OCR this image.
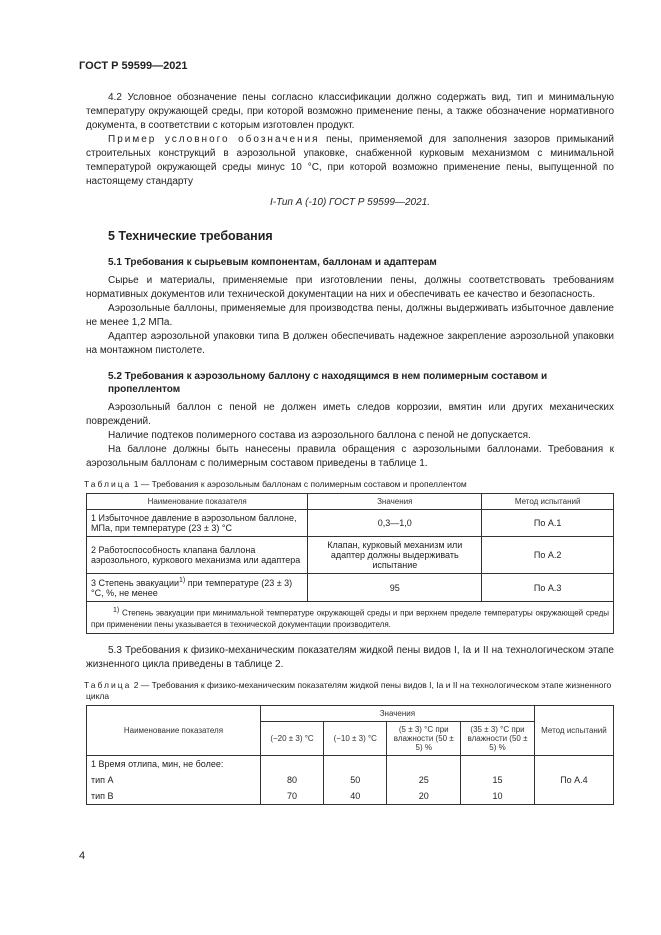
ГОСТ Р 59599—2021

4.2 Условное обозначение пены согласно классификации должно содержать вид, тип и минимальную температуру окружающей среды, при которой возможно применение пены, а также обозначение нормативного документа, в соответствии с которым изготовлен продукт.

Пример условного обозначения пены, применяемой для заполнения зазоров примыканий строительных конструкций в аэрозольной упаковке, снабженной курковым механизмом с минимальной температурой окружающей среды минус 10 °С, при которой возможно применение пены, выпущенной по настоящему стандарту

I-Тип А (-10) ГОСТ Р 59599—2021.

5 Технические требования
5.1 Требования к сырьевым компонентам, баллонам и адаптерам

Сырье и материалы, применяемые при изготовлении пены, должны соответствовать требованиям нормативных документов или технической документации на них и обеспечивать ее качество и безопасность.

Аэрозольные баллоны, применяемые для производства пены, должны выдерживать избыточное давление не менее 1,2 МПа.

Адаптер аэрозольной упаковки типа В должен обеспечивать надежное закрепление аэрозольной упаковки на монтажном пистолете.

5.2 Требования к аэрозольному баллону с находящимся в нем полимерным составом и пропеллентом

Аэрозольный баллон с пеной не должен иметь следов коррозии, вмятин или других механических повреждений.

Наличие подтеков полимерного состава из аэрозольного баллона с пеной не допускается.

На баллоне должны быть нанесены правила обращения с аэрозольными баллонами. Требования к аэрозольным баллонам с полимерным составом приведены в таблице 1.

Таблица 1 — Требования к аэрозольным баллонам с полимерным составом и пропеллентом
Наименование показателя	Значения	Метод испытаний
1 Избыточное давление в аэрозольном баллоне, МПа, при температуре (23 ± 3) °С	0,3—1,0	По А.1
2 Работоспособность клапана баллона аэрозольного, куркового механизма или адаптера	Клапан, курковый механизм или адаптер должны выдерживать испытание	По А.2
3 Степень эвакуации$^{1)}$ при температуре (23 ± 3) °С, %, не менее	95	По А.3
$^{1)}$ Степень эвакуации при минимальной температуре окружающей среды и при верхнем пределе температуры окружающей среды при применении пены указывается в технической документации производителя.		

5.3 Требования к физико-механическим показателям жидкой пены видов I, Iа и II на технологическом этапе жизненного цикла приведены в таблице 2.

Таблица 2 — Требования к физико-механическим показателям жидкой пены видов I, Iа и II на технологическом этапе жизненного цикла
Наименование показателя	Значения				Метод испытаний
	(−20 ± 3) °С	(−10 ± 3) °С	(5 ± 3) °С при влажности (50 ± 5) %	(35 ± 3) °С при влажности (50 ± 5) %	
1 Время отлипа, мин, не более:					
тип А	80	50	25	15	По А.4
тип В	70	40	20	10	
4
